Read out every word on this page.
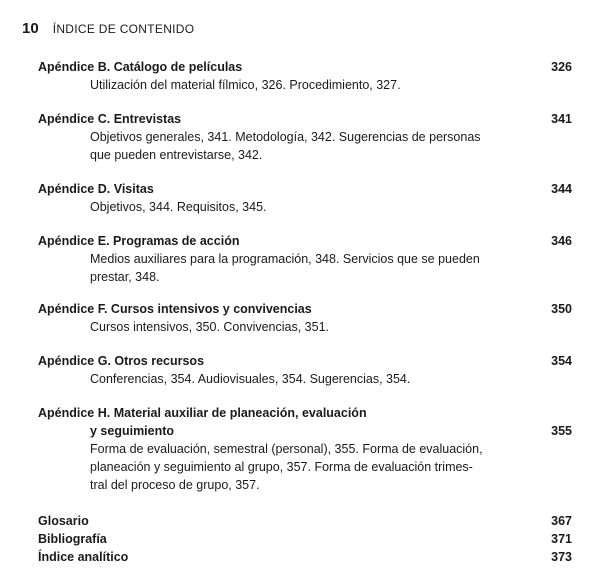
10 ÍNDICE DE CONTENIDO
Apéndice B. Catálogo de películas	326
Utilización del material fílmico, 326. Procedimiento, 327.
Apéndice C. Entrevistas	341
Objetivos generales, 341. Metodología, 342. Sugerencias de personas
que pueden entrevistarse, 342.
Apéndice D. Visitas	344
Objetivos, 344. Requisitos, 345.
Apéndice E. Programas de acción	346
Medios auxiliares para la programación, 348. Servicios que se pueden
prestar, 348.
Apéndice F. Cursos intensivos y convivencias	350
Cursos intensivos, 350. Convivencias, 351.
Apéndice G. Otros recursos	354
Conferencias, 354. Audiovisuales, 354. Sugerencias, 354.
Apéndice H. Material auxiliar de planeación, evaluación
y seguimiento	355
Forma de evaluación, semestral (personal), 355. Forma de evaluación,
planeación y seguimiento al grupo, 357. Forma de evaluación trimes-
tral del proceso de grupo, 357.
Glosario	367
Bibliografía	371
Índice analítico	373
